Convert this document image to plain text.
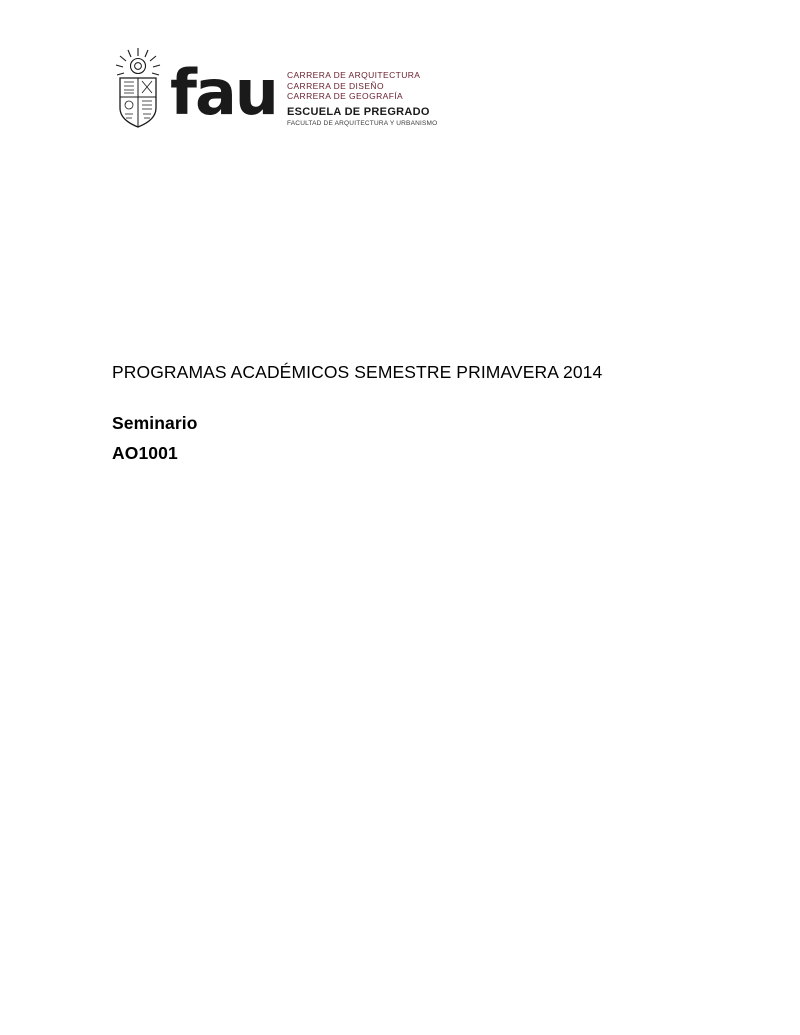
fau CARRERA DE ARQUITECTURA
CARRERA DE DISEÑO
CARRERA DE GEOGRAFÍA
ESCUELA DE PREGRADO
FACULTAD DE ARQUITECTURA Y URBANISMO

PROGRAMAS ACADÉMICOS SEMESTRE PRIMAVERA 2014

Seminario

AO1001
